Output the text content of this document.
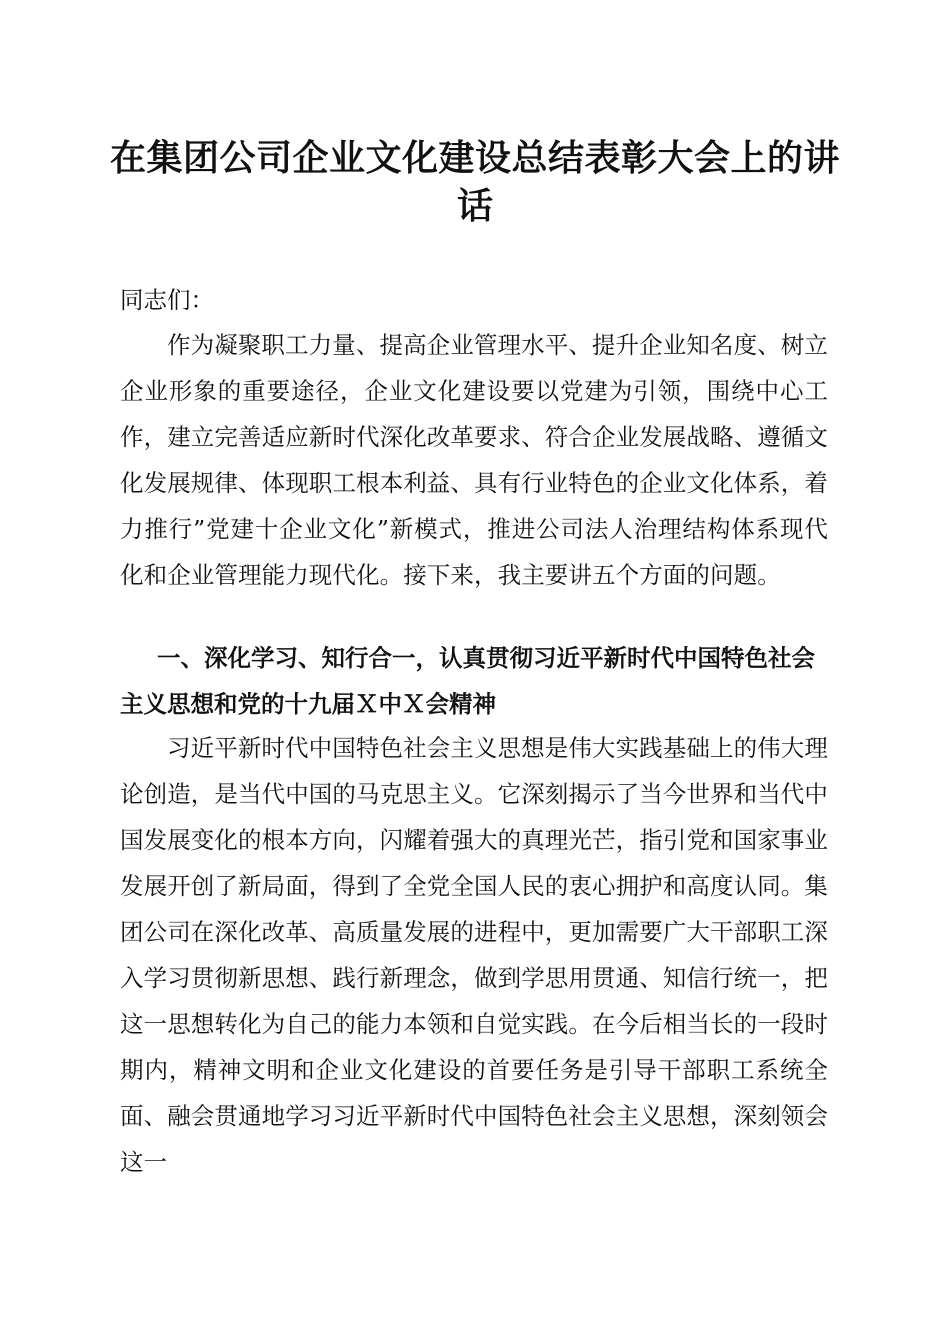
在集团公司企业文化建设总结表彰大会上的讲
话

同志们：

作为凝聚职工力量、提高企业管理水平、提升企业知名度、树立企业形象的重要途径，企业文化建设要以党建为引领，围绕中心工作，建立完善适应新时代深化改革要求、符合企业发展战略、遵循文化发展规律、体现职工根本利益、具有行业特色的企业文化体系，着力推行”党建十企业文化”新模式，推进公司法人治理结构体系现代化和企业管理能力现代化。接下来，我主要讲五个方面的问题。

一、深化学习、知行合一，认真贯彻习近平新时代中国特色社会主义思想和党的十九届Ｘ中Ｘ会精神

习近平新时代中国特色社会主义思想是伟大实践基础上的伟大理论创造，是当代中国的马克思主义。它深刻揭示了当今世界和当代中国发展变化的根本方向，闪耀着强大的真理光芒，指引党和国家事业发展开创了新局面，得到了全党全国人民的衷心拥护和高度认同。集团公司在深化改革、高质量发展的进程中，更加需要广大干部职工深入学习贯彻新思想、践行新理念，做到学思用贯通、知信行统一，把这一思想转化为自己的能力本领和自觉实践。在今后相当长的一段时期内，精神文明和企业文化建设的首要任务是引导干部职工系统全面、融会贯通地学习习近平新时代中国特色社会主义思想，深刻领会这一
